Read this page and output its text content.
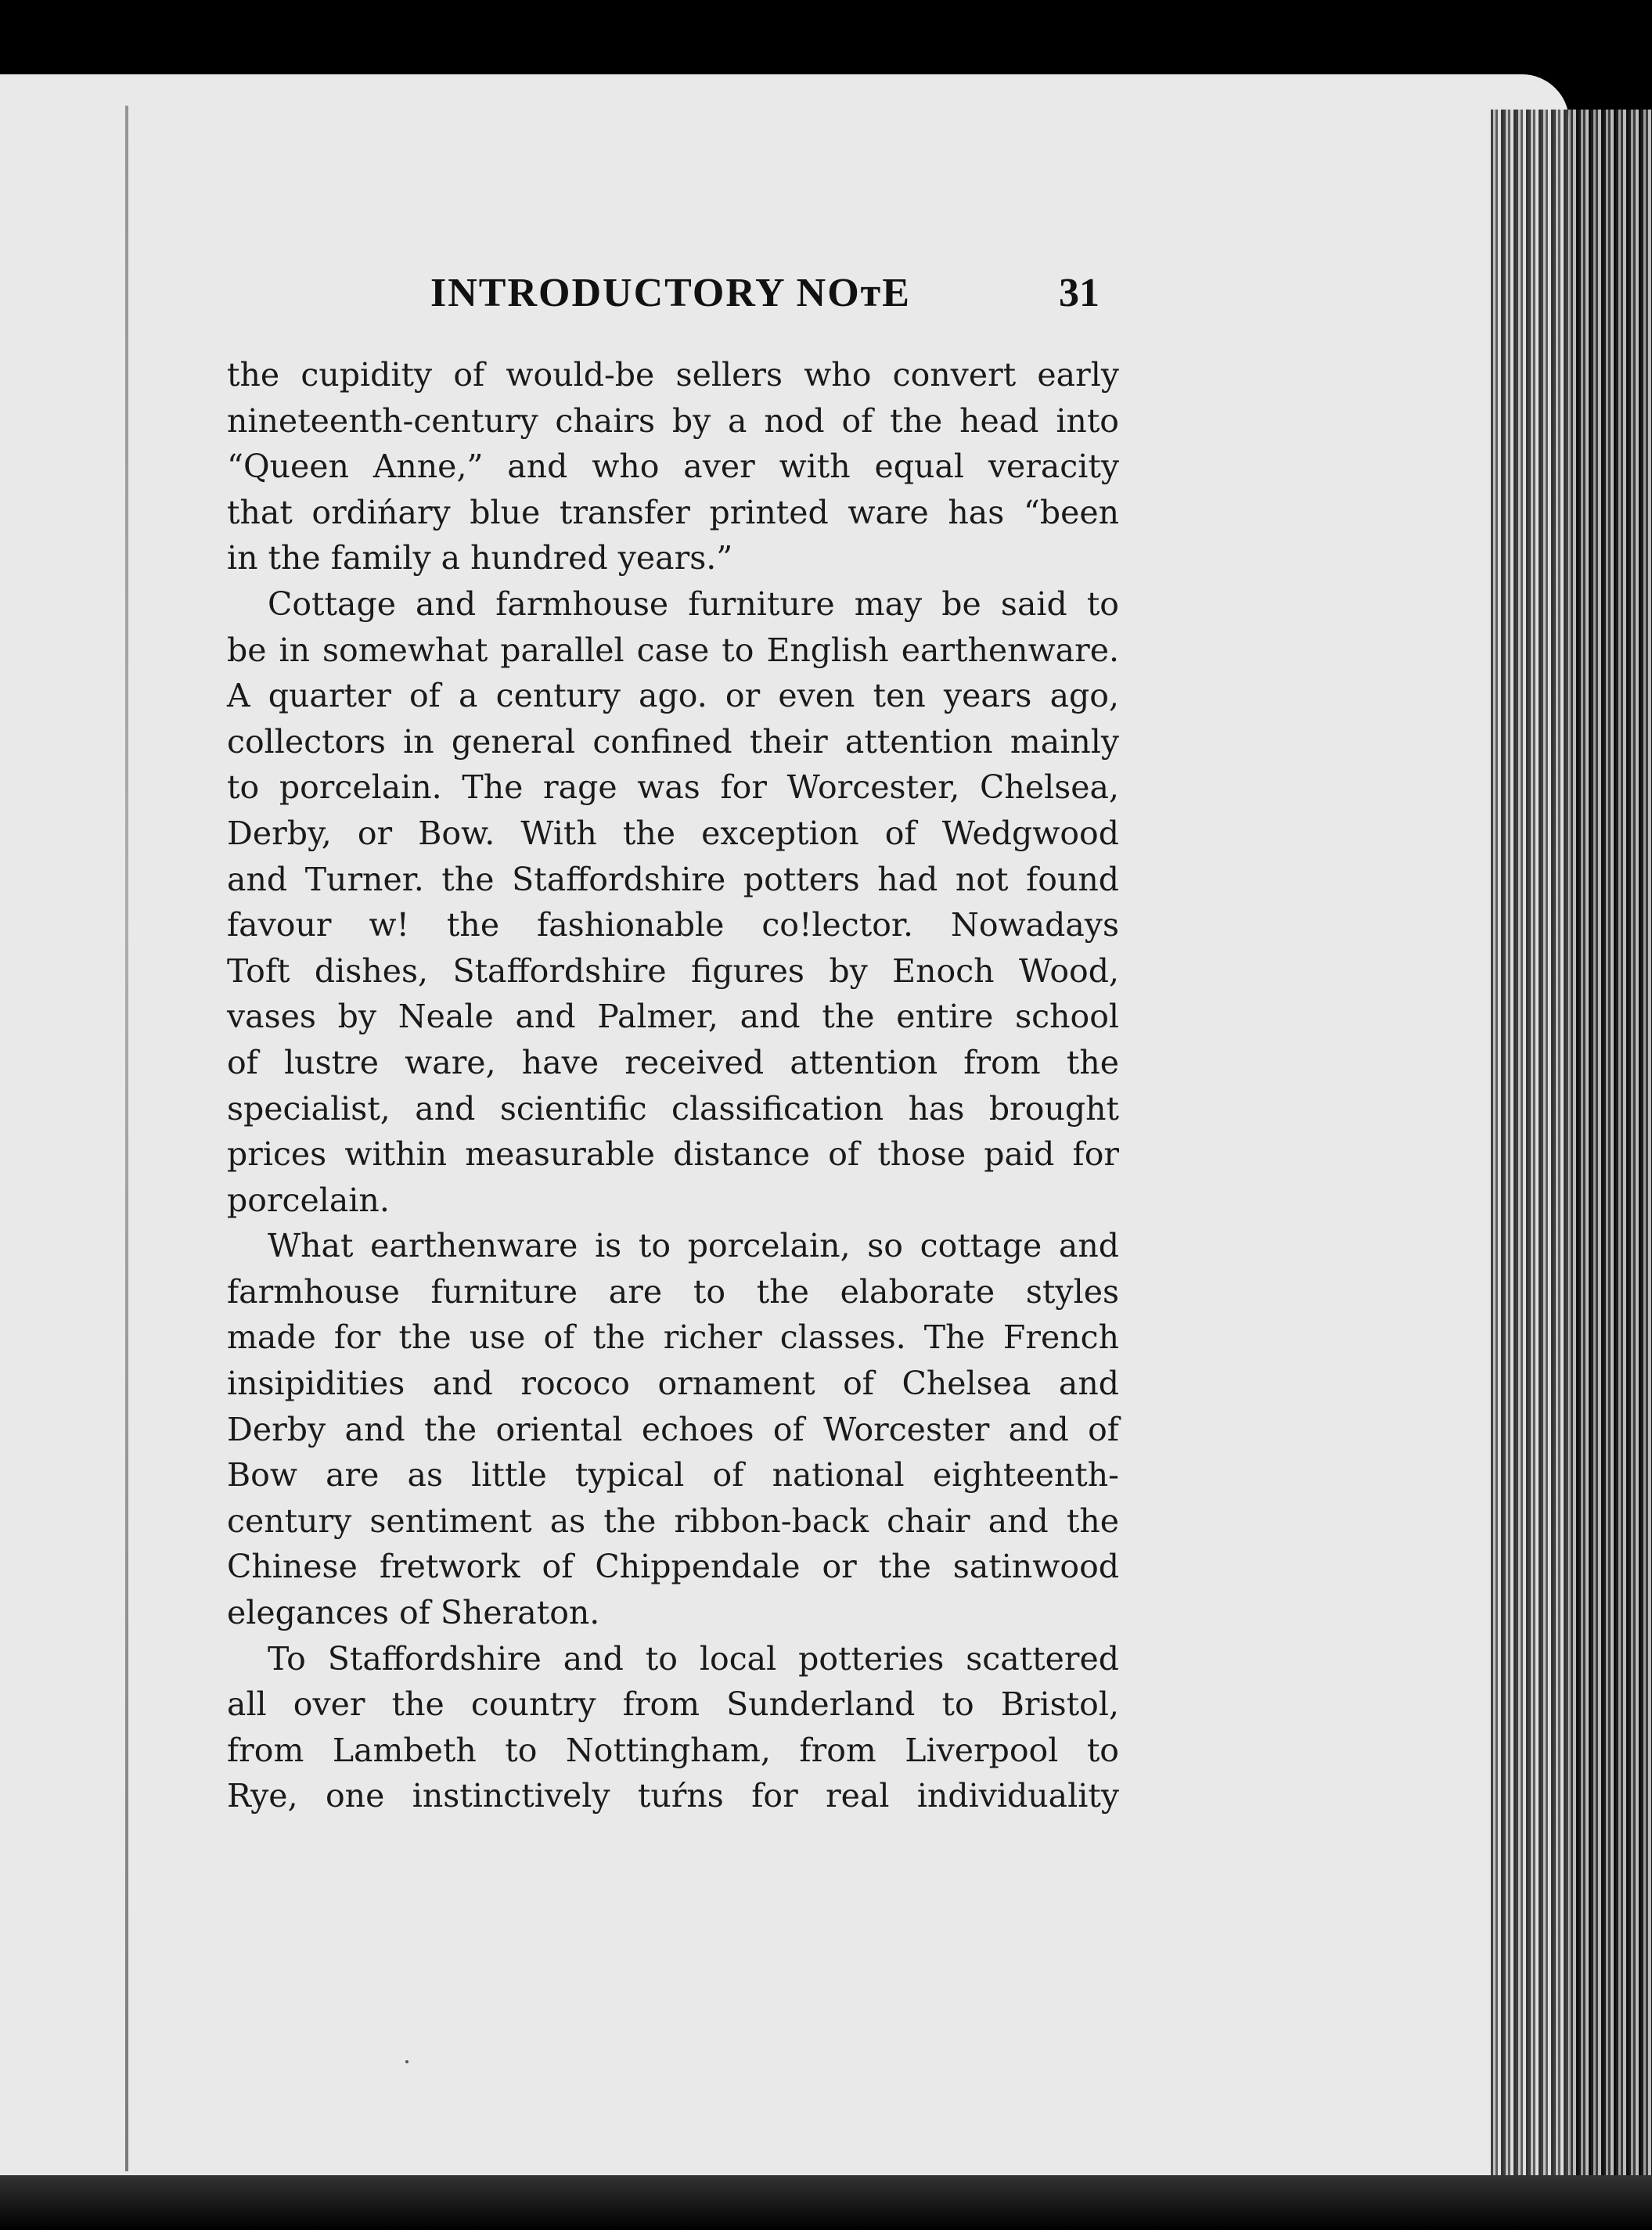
INTRODUCTORY NOтE	31
the cupidity of would-be sellers who convert early
nineteenth-century chairs by a nod of the head into
“Queen Anne,” and who aver with equal veracity
that ordińary blue transfer printed ware has “been
in the family a hundred years.”
Cottage and farmhouse furniture may be said to
be in somewhat parallel case to English earthenware.
A quarter of a century ago. or even ten years ago,
collectors in general confined their attention mainly
to porcelain. The rage was for Worcester, Chelsea,
Derby, or Bow. With the exception of Wedgwood
and Turner. the Staffordshire potters had not found
favour w! the fashionable co!lector. Nowadays
Toft disheѕ, Staffordshire figures by Enoch Wood,
vases by Neale and Palmer, and the entire school
of lustre ware, have received attention from the
specialist, and scientific classification has brought
prices within measurable distance of those paid for
porcelain.
What earthenware is to porcelain, so cottage and
farmhouse furniture are to the elaborate styles
made for the use of the richer classes. The French
insipidities and rococo ornament of Chelsea and
Derby and the oriental echoes of Worcester and of
Bow are as little typical of national eighteenth-
century sentiment as the ribbon-back chair and the
Chinese fretwork of Chippendale or the satinwood
elegances of Sheraton.
To Staffordshire and to local potteries scattered
all over the country from Sunderland to Bristol,
from Lambeth to Nottingham, from Liverpool to
Rye, one instinctively tuŕns for real individuality
